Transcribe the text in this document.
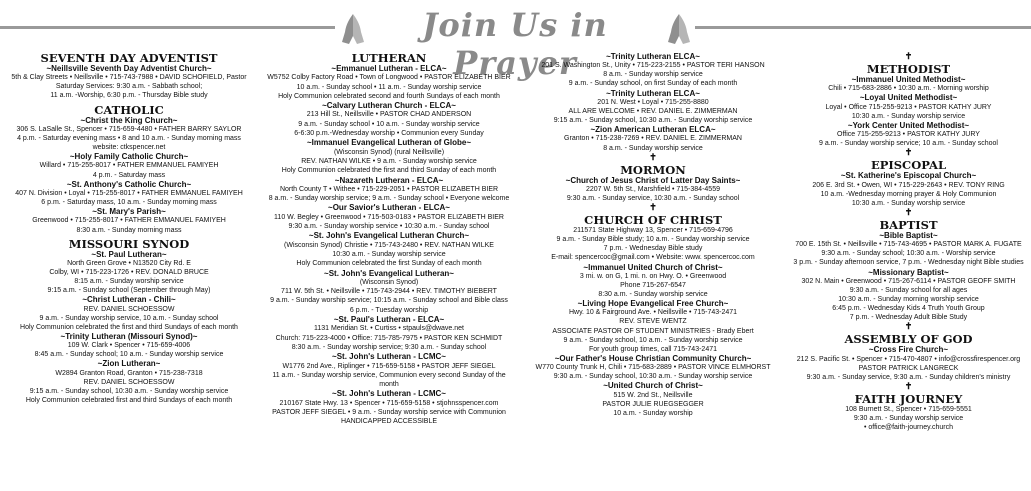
Join Us in Prayer
SEVENTH DAY ADVENTIST
~Neillsville Seventh Day Adventist Church~
5th & Clay Streets • Neillsville • 715-743-7988 • DAVID SCHOFIELD, Pastor
Saturday Services: 9:30 a.m. - Sabbath school;
11 a.m. -Worship, 6:30 p.m. - Thursday Bible study
CATHOLIC
~Christ the King Church~
306 S. LaSalle St., Spencer • 715-659-4480 • FATHER BARRY SAYLOR
4 p.m. - Saturday evening mass • 8 and 10 a.m. - Sunday morning mass
website: ctkspencer.net
~Holy Family Catholic Church~
Willard • 715-255-8017 • FATHER EMMANUEL FAMIYEH
4 p.m. - Saturday mass
~St. Anthony's Catholic Church~
407 N. Division • Loyal • 715-255-8017 • FATHER EMMANUEL FAMIYEH
6 p.m. - Saturday mass, 10 a.m. - Sunday morning mass
~St. Mary's Parish~
Greenwood • 715-255-8017 • FATHER EMMANUEL FAMIYEH
8:30 a.m. - Sunday morning mass
MISSOURI SYNOD
~St. Paul Lutheran~
North Green Grove • N13520 City Rd. E
Colby, WI • 715-223-1726 • REV. DONALD BRUCE
8:15 a.m. - Sunday worship service
9:15 a.m. - Sunday school (September through May)
~Christ Lutheran - Chili~
REV. DANIEL SCHOESSOW
9 a.m. - Sunday worship service, 10 a.m. - Sunday school
Holy Communion celebrated the first and third Sundays of each month
~Trinity Lutheran (Missouri Synod)~
109 W. Clark • Spencer • 715-659-4006
8:45 a.m. - Sunday school; 10 a.m. - Sunday worship service
~Zion Lutheran~
W2894 Granton Road, Granton • 715-238-7318
REV. DANIEL SCHOESSOW
9:15 a.m. - Sunday school, 10:30 a.m. - Sunday worship service
Holy Communion celebrated first and third Sundays of each month
LUTHERAN
~Emmanuel Lutheran - ELCA~
W5752 Colby Factory Road • Town of Longwood • PASTOR ELIZABETH BIER
10 a.m. - Sunday school • 11 a.m. - Sunday worship service
Holy Communion celebrated second and fourth Sundays of each month
~Calvary Lutheran Church - ELCA~
213 Hill St., Neillsville • PASTOR CHAD ANDERSON
9 a.m. - Sunday school • 10 a.m. - Sunday worship service
6-6:30 p.m.-Wednesday worship • Communion every Sunday
~Immanuel Evangelical Lutheran of Globe~
(Wisconsin Synod) (rural Neillsville)
REV. NATHAN WILKE • 9 a.m. - Sunday worship service
Holy Communion celebrated the first and third Sunday of each month
~Nazareth Lutheran - ELCA~
North County T • Withee • 715-229-2051 • PASTOR ELIZABETH BIER
8 a.m. - Sunday worship service; 9 a.m. - Sunday school • Everyone welcome
~Our Savior's Lutheran - ELCA~
110 W. Begley • Greenwood • 715-503-0183 • PASTOR ELIZABETH BIER
9:30 a.m. - Sunday worship service • 10:30 a.m. - Sunday school
~St. John's Evangelical Lutheran Church~
(Wisconsin Synod) Christie • 715-743-2480 • REV. NATHAN WILKE
10:30 a.m. - Sunday worship service
Holy Communion celebrated the first Sunday of each month
~St. John's Evangelical Lutheran~
(Wisconsin Synod)
711 W. 5th St. • Neillsville • 715-743-2944 • REV. TIMOTHY BIEBERT
9 a.m. - Sunday worship service; 10:15 a.m. - Sunday school and Bible class
6 p.m. - Tuesday worship
~St. Paul's Lutheran - ELCA~
1131 Meridian St. • Curtiss • stpauls@dwave.net
Church: 715-223-4000 • Office: 715-785-7975 • PASTOR KEN SCHMIDT
8:30 a.m. - Sunday worship service; 9:30 a.m. - Sunday school
~St. John's Lutheran - LCMC~
W1776 2nd Ave., Riplinger • 715-659-5158 • PASTOR JEFF SIEGEL
11 a.m. - Sunday worship service, Communion every second Sunday of the
month
~St. John's Lutheran - LCMC~
210167 State Hwy. 13 • Spencer • 715-659-5158 • stjohnsspencer.com
PASTOR JEFF SIEGEL • 9 a.m. - Sunday worship service with Communion
HANDICAPPED ACCESSIBLE
~Trinity Lutheran ELCA~
201 S. Washington St., Unity • 715-223-2155 • PASTOR TERI HANSON
8 a.m. - Sunday worship service
9 a.m. - Sunday school, on first Sunday of each month
~Trinity Lutheran ELCA~
201 N. West • Loyal • 715-255-8880
ALL ARE WELCOME • REV. DANIEL E. ZIMMERMAN
9:15 a.m. - Sunday school, 10:30 a.m. - Sunday worship service
~Zion American Lutheran ELCA~
Granton • 715-238-7269 • REV. DANIEL E. ZIMMERMAN
8 a.m. - Sunday worship service
✝
MORMON
~Church of Jesus Christ of Latter Day Saints~
2207 W. 5th St., Marshfield • 715-384-4559
9:30 a.m. - Sunday service, 10:30 a.m. - Sunday school
✝
CHURCH OF CHRIST
211571 State Highway 13, Spencer • 715-659-4796
9 a.m. - Sunday Bible study; 10 a.m. - Sunday worship service
7 p.m. - Wednesday Bible study
E-mail: spencercoc@gmail.com • Website: www. spencercoc.com
~Immanuel United Church of Christ~
3 mi. w. on G, 1 mi. n. on Hwy. O. • Greenwood
Phone 715-267-6547
8:30 a.m. - Sunday worship service
~Living Hope Evangelical Free Church~
Hwy. 10 & Fairground Ave. • Neillsville • 715-743-2471
REV. STEVE WENTZ
ASSOCIATE PASTOR OF STUDENT MINISTRIES - Brady Ebert
9 a.m. - Sunday school, 10 a.m. - Sunday worship service
For youth group times, call 715-743-2471
~Our Father's House Christian Community Church~
W770 County Trunk H, Chili • 715-683-2889 • PASTOR VINCE ELMHORST
9:30 a.m. - Sunday school, 10:30 a.m. - Sunday worship service
~United Church of Christ~
515 W. 2nd St., Neillsville
PASTOR JULIE RUEGSEGGER
10 a.m. - Sunday worship
✝
METHODIST
~Immanuel United Methodist~
Chili • 715-683-2886 • 10:30 a.m. - Morning worship
~Loyal United Methodist~
Loyal • Office 715-255-9213 • PASTOR KATHY JURY
10:30 a.m. - Sunday worship service
~York Center United Methodist~
Office 715-255-9213 • PASTOR KATHY JURY
9 a.m. - Sunday worship service; 10 a.m. - Sunday school
✝
EPISCOPAL
~St. Katherine's Episcopal Church~
206 E. 3rd St. • Owen, WI • 715-229-2643 • REV. TONY RING
10 a.m. -Wednesday morning prayer & Holy Communion
10:30 a.m. - Sunday worship service
✝
BAPTIST
~Bible Baptist~
700 E. 15th St. • Neillsville • 715-743-4695 • PASTOR MARK A. FUGATE
9:30 a.m. - Sunday school; 10:30 a.m. - Worship service
3 p.m. - Sunday afternoon service, 7 p.m. - Wednesday night Bible studies
~Missionary Baptist~
302 N. Main • Greenwood • 715-267-6114 • PASTOR GEOFF SMITH
9:30 a.m. - Sunday school for all ages
10:30 a.m. - Sunday morning worship service
6:45 p.m. - Wednesday Kids 4 Truth Youth Group
7 p.m. - Wednesday Adult Bible Study
✝
ASSEMBLY OF GOD
~Cross Fire Church~
212 S. Pacific St. • Spencer • 715-470-4807 • info@crossfirespencer.org
PASTOR PATRICK LANGRECK
9:30 a.m. - Sunday service, 9:30 a.m. - Sunday children's ministry
✝
FAITH JOURNEY
108 Burnett St., Spencer • 715-659-5551
9:30 a.m. - Sunday worship service
• office@faith-journey.church
